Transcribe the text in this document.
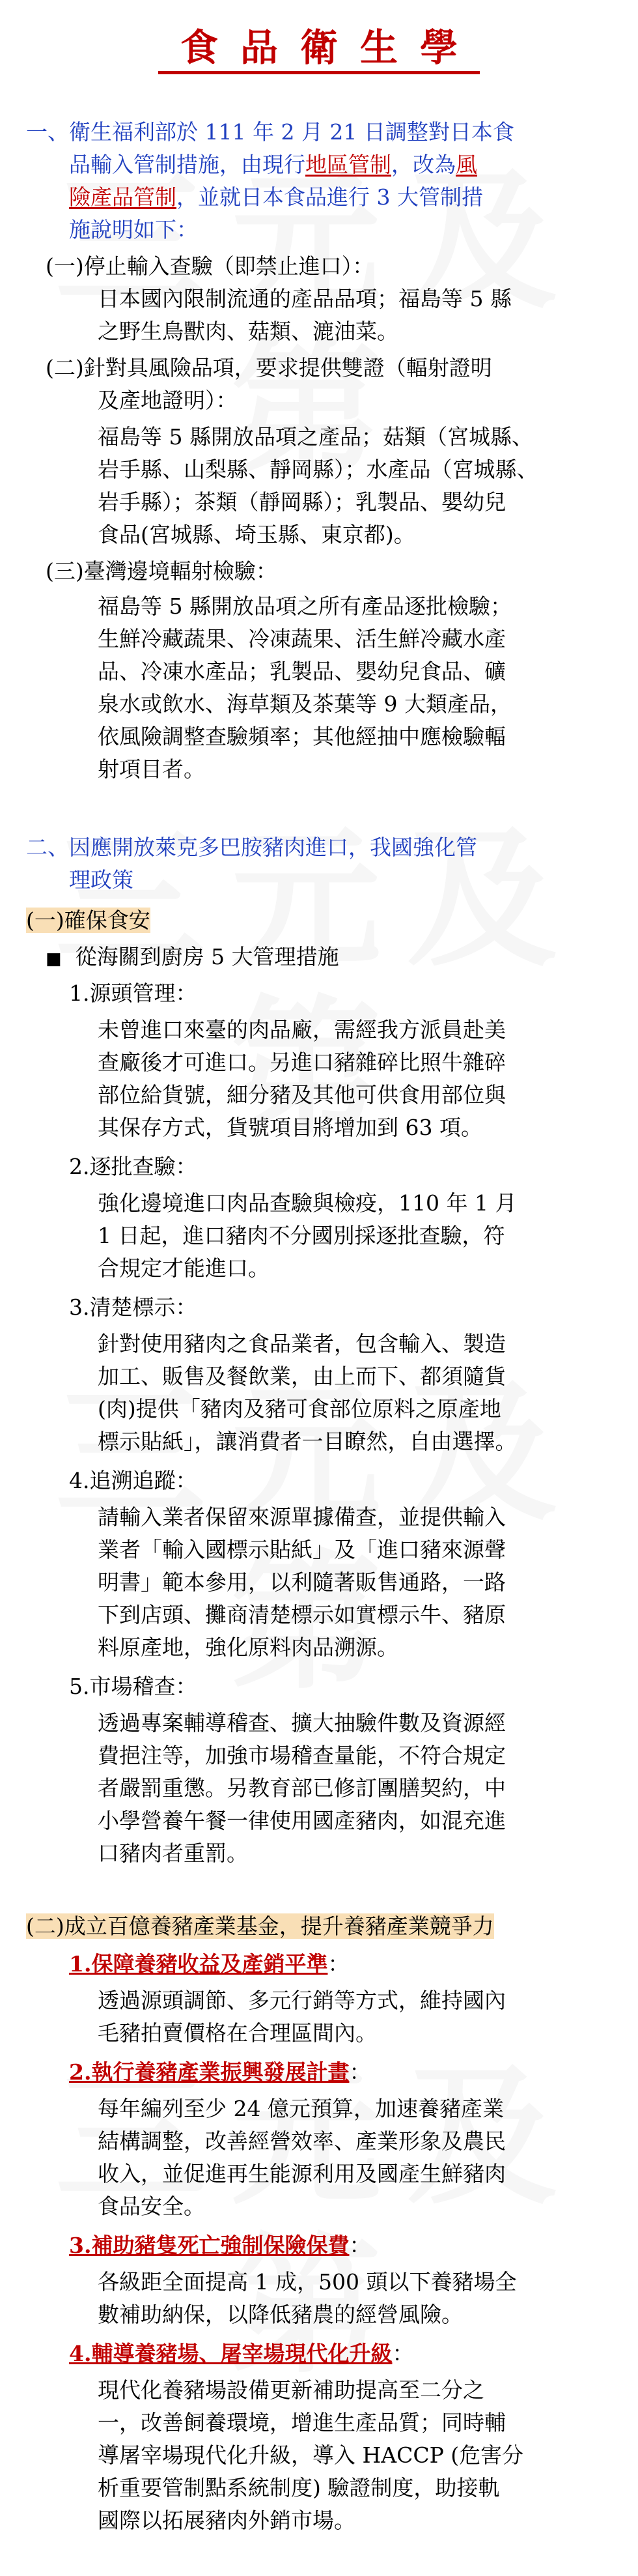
食品衛生學
一、衛生福利部於 111 年 2 月 21 日調整對日本食
品輸入管制措施，由現行地區管制，改為風
險產品管制，並就日本食品進行 3 大管制措
施說明如下：
(一)停止輸入查驗（即禁止進口）：
日本國內限制流通的產品品項；福島等 5 縣
之野生鳥獸肉、菇類、漉油菜。
(二)針對具風險品項，要求提供雙證（輻射證明
及產地證明）：
福島等 5 縣開放品項之產品；菇類（宮城縣、
岩手縣、山梨縣、靜岡縣）；水產品（宮城縣、
岩手縣）；茶類（靜岡縣）；乳製品、嬰幼兒
食品(宮城縣、埼玉縣、東京都)。
(三)臺灣邊境輻射檢驗：
福島等 5 縣開放品項之所有產品逐批檢驗；
生鮮冷藏蔬果、冷凍蔬果、活生鮮冷藏水產
品、冷凍水產品；乳製品、嬰幼兒食品、礦
泉水或飲水、海草類及茶葉等 9 大類產品，
依風險調整查驗頻率；其他經抽中應檢驗輻
射項目者。
二、因應開放萊克多巴胺豬肉進口，我國強化管
理政策
(一)確保食安
■ 從海關到廚房 5 大管理措施
1.源頭管理：
未曾進口來臺的肉品廠，需經我方派員赴美
查廠後才可進口。另進口豬雜碎比照牛雜碎
部位給貨號，細分豬及其他可供食用部位與
其保存方式，貨號項目將增加到 63 項。
2.逐批查驗：
強化邊境進口肉品查驗與檢疫，110 年 1 月
1 日起，進口豬肉不分國別採逐批查驗，符
合規定才能進口。
3.清楚標示：
針對使用豬肉之食品業者，包含輸入、製造
加工、販售及餐飲業，由上而下、都須隨貨
(肉)提供「豬肉及豬可食部位原料之原產地
標示貼紙」，讓消費者一目瞭然，自由選擇。
4.追溯追蹤：
請輸入業者保留來源單據備查，並提供輸入
業者「輸入國標示貼紙」及「進口豬來源聲
明書」範本參用，以利隨著販售通路，一路
下到店頭、攤商清楚標示如實標示牛、豬原
料原產地，強化原料肉品溯源。
5.市場稽查：
透過專案輔導稽查、擴大抽驗件數及資源經
費挹注等，加強市場稽查量能，不符合規定
者嚴罰重懲。另教育部已修訂團膳契約，中
小學營養午餐一律使用國產豬肉，如混充進
口豬肉者重罰。
(二)成立百億養豬產業基金，提升養豬產業競爭力
1.保障養豬收益及產銷平準：
透過源頭調節、多元行銷等方式，維持國內
毛豬拍賣價格在合理區間內。
2.執行養豬產業振興發展計畫：
每年編列至少 24 億元預算，加速養豬產業
結構調整，改善經營效率、產業形象及農民
收入，並促進再生能源利用及國產生鮮豬肉
食品安全。
3.補助豬隻死亡強制保險保費：
各級距全面提高 1 成，500 頭以下養豬場全
數補助納保，以降低豬農的經營風險。
4.輔導養豬場、屠宰場現代化升級：
現代化養豬場設備更新補助提高至二分之
一，改善飼養環境，增進生產品質；同時輔
導屠宰場現代化升級，導入 HACCP (危害分
析重要管制點系統制度) 驗證制度，助接軌
國際以拓展豬肉外銷市場。
